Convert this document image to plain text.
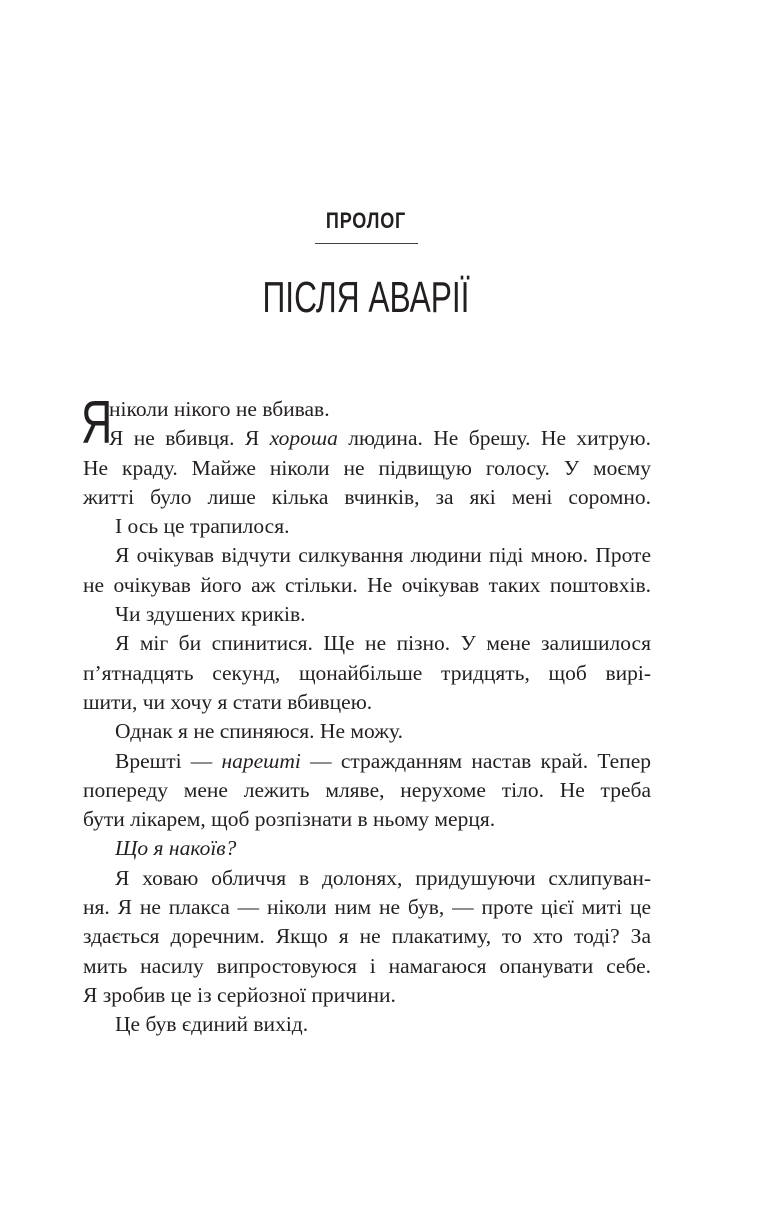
ПРОЛОГ
ПІСЛЯ АВАРІЇ
Я
ніколи нікого не вбивав.
Я не вбивця. Я хороша людина. Не брешу. Не хитрую.
Не краду. Майже ніколи не підвищую голосу. У моєму
житті було лише кілька вчинків, за які мені соромно.
І ось це трапилося.
Я очікував відчути силкування людини піді мною. Проте
не очікував його аж стільки. Не очікував таких поштовхів.
Чи здушених криків.
Я міг би спинитися. Ще не пізно. У мене залишилося
п’ятнадцять секунд, щонайбільше тридцять, щоб вирі-
шити, чи хочу я стати вбивцею.
Однак я не спиняюся. Не можу.
Врешті — нарешті — стражданням настав край. Тепер
попереду мене лежить мляве, нерухоме тіло. Не треба
бути лікарем, щоб розпізнати в ньому мерця.
Що я накоїв?
Я ховаю обличчя в долонях, придушуючи схлипуван-
ня. Я не плакса — ніколи ним не був, — проте цієї миті це
здається доречним. Якщо я не плакатиму, то хто тоді? За
мить насилу випростовуюся і намагаюся опанувати себе.
Я зробив це із серйозної причини.
Це був єдиний вихід.
